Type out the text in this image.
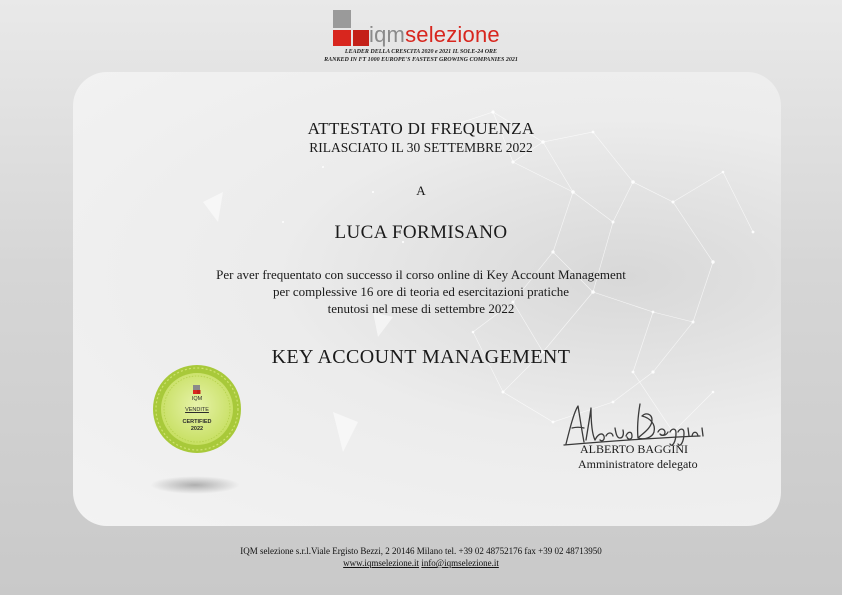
iqmselezione
LEADER DELLA CRESCITA 2020 e 2021 IL SOLE-24 ORE
RANKED IN FT 1000 EUROPE'S FASTEST GROWING COMPANIES 2021
ATTESTATO DI FREQUENZA
RILASCIATO IL 30 SETTEMBRE 2022
A
LUCA FORMISANO
Per aver frequentato con successo il corso online di Key Account Management
per complessive 16 ore di teoria ed esercitazioni pratiche
tenutosi nel mese di settembre 2022
KEY ACCOUNT MANAGEMENT
IQM
VENDITE
CERTIFIED
2022
ALBERTO BAGGINI
Amministratore delegato
IQM selezione s.r.l.Viale Ergisto Bezzi, 2 20146 Milano tel. +39 02 48752176 fax +39 02 48713950
www.iqmselezione.it info@iqmselezione.it
